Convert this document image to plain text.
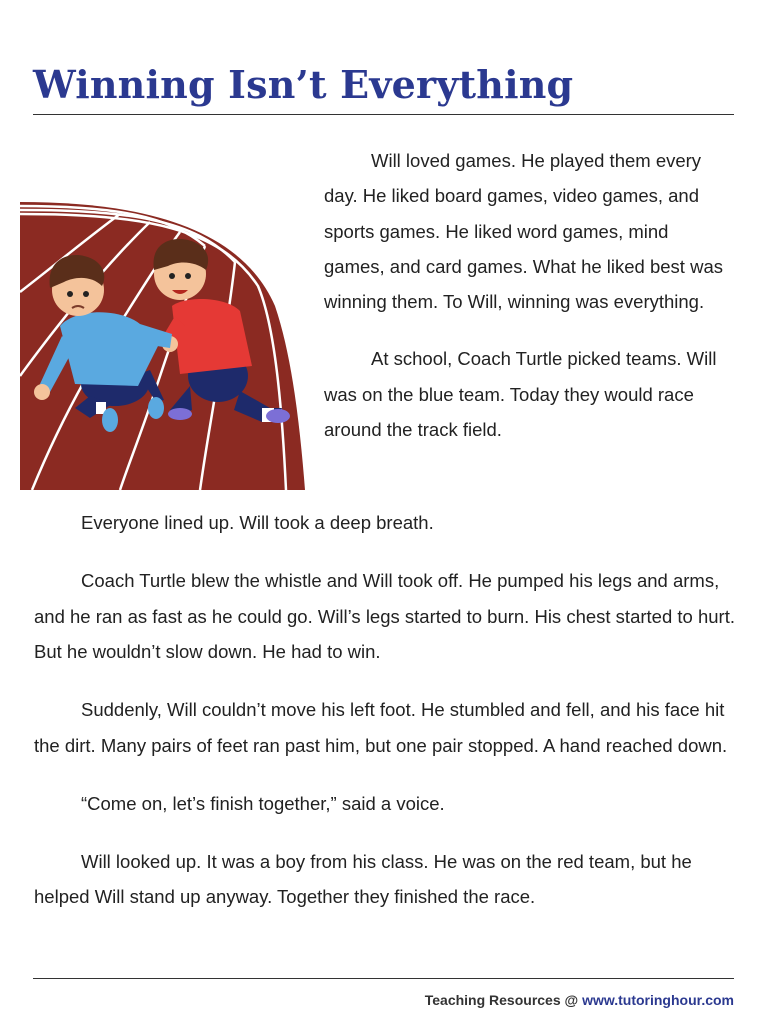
Winning Isn’t Everything

Will loved games. He played them every day. He liked board games, video games, and sports games. He liked word games, mind games, and card games. What he liked best was winning them. To Will, winning was everything.

At school, Coach Turtle picked teams. Will was on the blue team. Today they would race around the track field.

Everyone lined up. Will took a deep breath.

Coach Turtle blew the whistle and Will took off. He pumped his legs and arms, and he ran as fast as he could go. Will’s legs started to burn. His chest started to hurt. But he wouldn’t slow down. He had to win.

Suddenly, Will couldn’t move his left foot. He stumbled and fell, and his face hit the dirt. Many pairs of feet ran past him, but one pair stopped. A hand reached down.

“Come on, let’s finish together,” said a voice.

Will looked up. It was a boy from his class. He was on the red team, but he helped Will stand up anyway. Together they finished the race.

Teaching Resources @ www.tutoringhour.com
